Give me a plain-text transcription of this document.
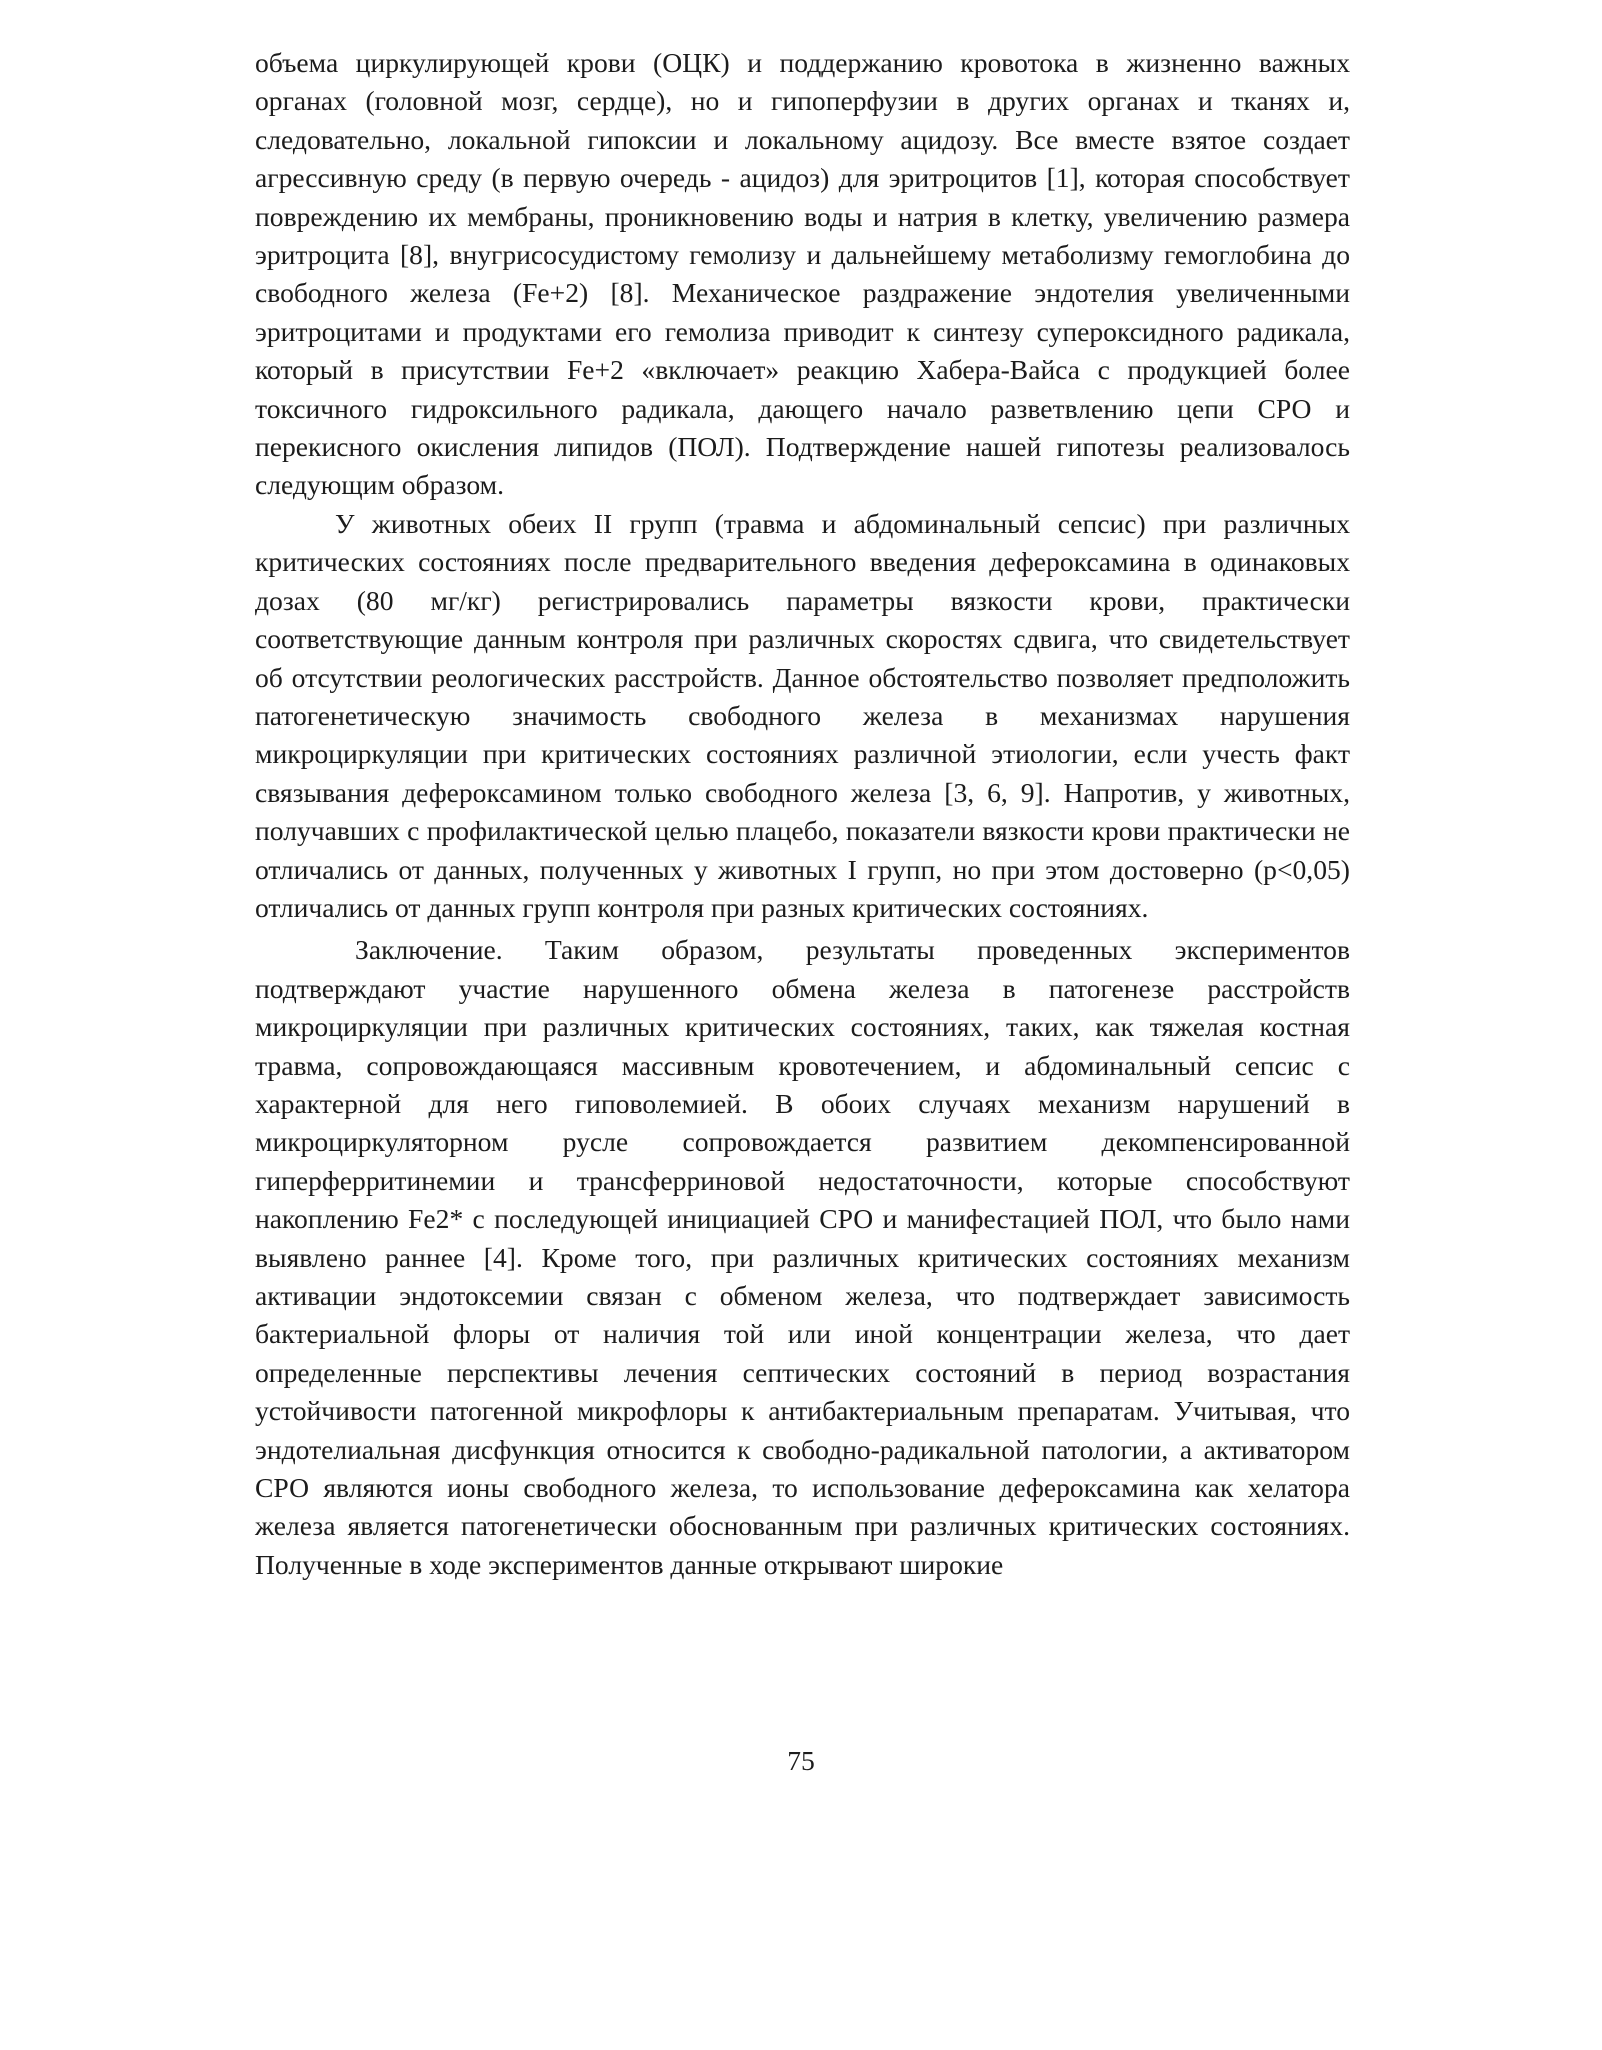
объема циркулирующей крови (ОЦК) и поддержанию кровотока в жизненно важных органах (головной мозг, сердце), но и гипоперфузии в других органах и тканях и, следовательно, локальной гипоксии и локальному ацидозу. Все вместе взятое создает агрессивную среду (в первую очередь - ацидоз) для эритроцитов [1], которая способствует повреждению их мембраны, проникновению воды и натрия в клетку, увеличению размера эритроцита [8], внугрисосудистому гемолизу и дальнейшему метаболизму гемоглобина до свободного железа (Fe+2) [8]. Механическое раздражение эндотелия увеличенными эритроцитами и продуктами его гемолиза приводит к синтезу супероксидного радикала, который в присутствии Fe+2 «включает» реакцию Хабера-Вайса с продукцией более токсичного гидроксильного радикала, дающего начало разветвлению цепи СРО и перекисного окисления липидов (ПОЛ). Подтверждение нашей гипотезы реализовалось следующим образом.

У животных обеих II групп (травма и абдоминальный сепсис) при различных критических состояниях после предварительного введения дефероксамина в одинаковых дозах (80 мг/кг) регистрировались параметры вязкости крови, практически соответствующие данным контроля при различных скоростях сдвига, что свидетельствует об отсутствии реологических расстройств. Данное обстоятельство позволяет предположить патогенетическую значимость свободного железа в механизмах нарушения микроциркуляции при критических состояниях различной этиологии, если учесть факт связывания дефероксамином только свободного железа [3, 6, 9]. Напротив, у животных, получавших с профилактической целью плацебо, показатели вязкости крови практически не отличались от данных, полученных у животных I групп, но при этом достоверно (р<0,05) отличались от данных групп контроля при разных критических состояниях.

Заключение. Таким образом, результаты проведенных экспериментов подтверждают участие нарушенного обмена железа в патогенезе расстройств микроциркуляции при различных критических состояниях, таких, как тяжелая костная травма, сопровождающаяся массивным кровотечением, и абдоминальный сепсис с характерной для него гиповолемией. В обоих случаях механизм нарушений в микроциркуляторном русле сопровождается развитием декомпенсированной гиперферритинемии и трансферриновой недостаточности, которые способствуют накоплению Fe2* с последующей инициацией СРО и манифестацией ПОЛ, что было нами выявлено раннее [4]. Кроме того, при различных критических состояниях механизм активации эндотоксемии связан с обменом железа, что подтверждает зависимость бактериальной флоры от наличия той или иной концентрации железа, что дает определенные перспективы лечения септических состояний в период возрастания устойчивости патогенной микрофлоры к антибактериальным препаратам. Учитывая, что эндотелиальная дисфункция относится к свободно-радикальной патологии, а активатором СРО являются ионы свободного железа, то использование дефероксамина как хелатора железа является патогенетически обоснованным при различных критических состояниях. Полученные в ходе экспериментов данные открывают широкие

75
